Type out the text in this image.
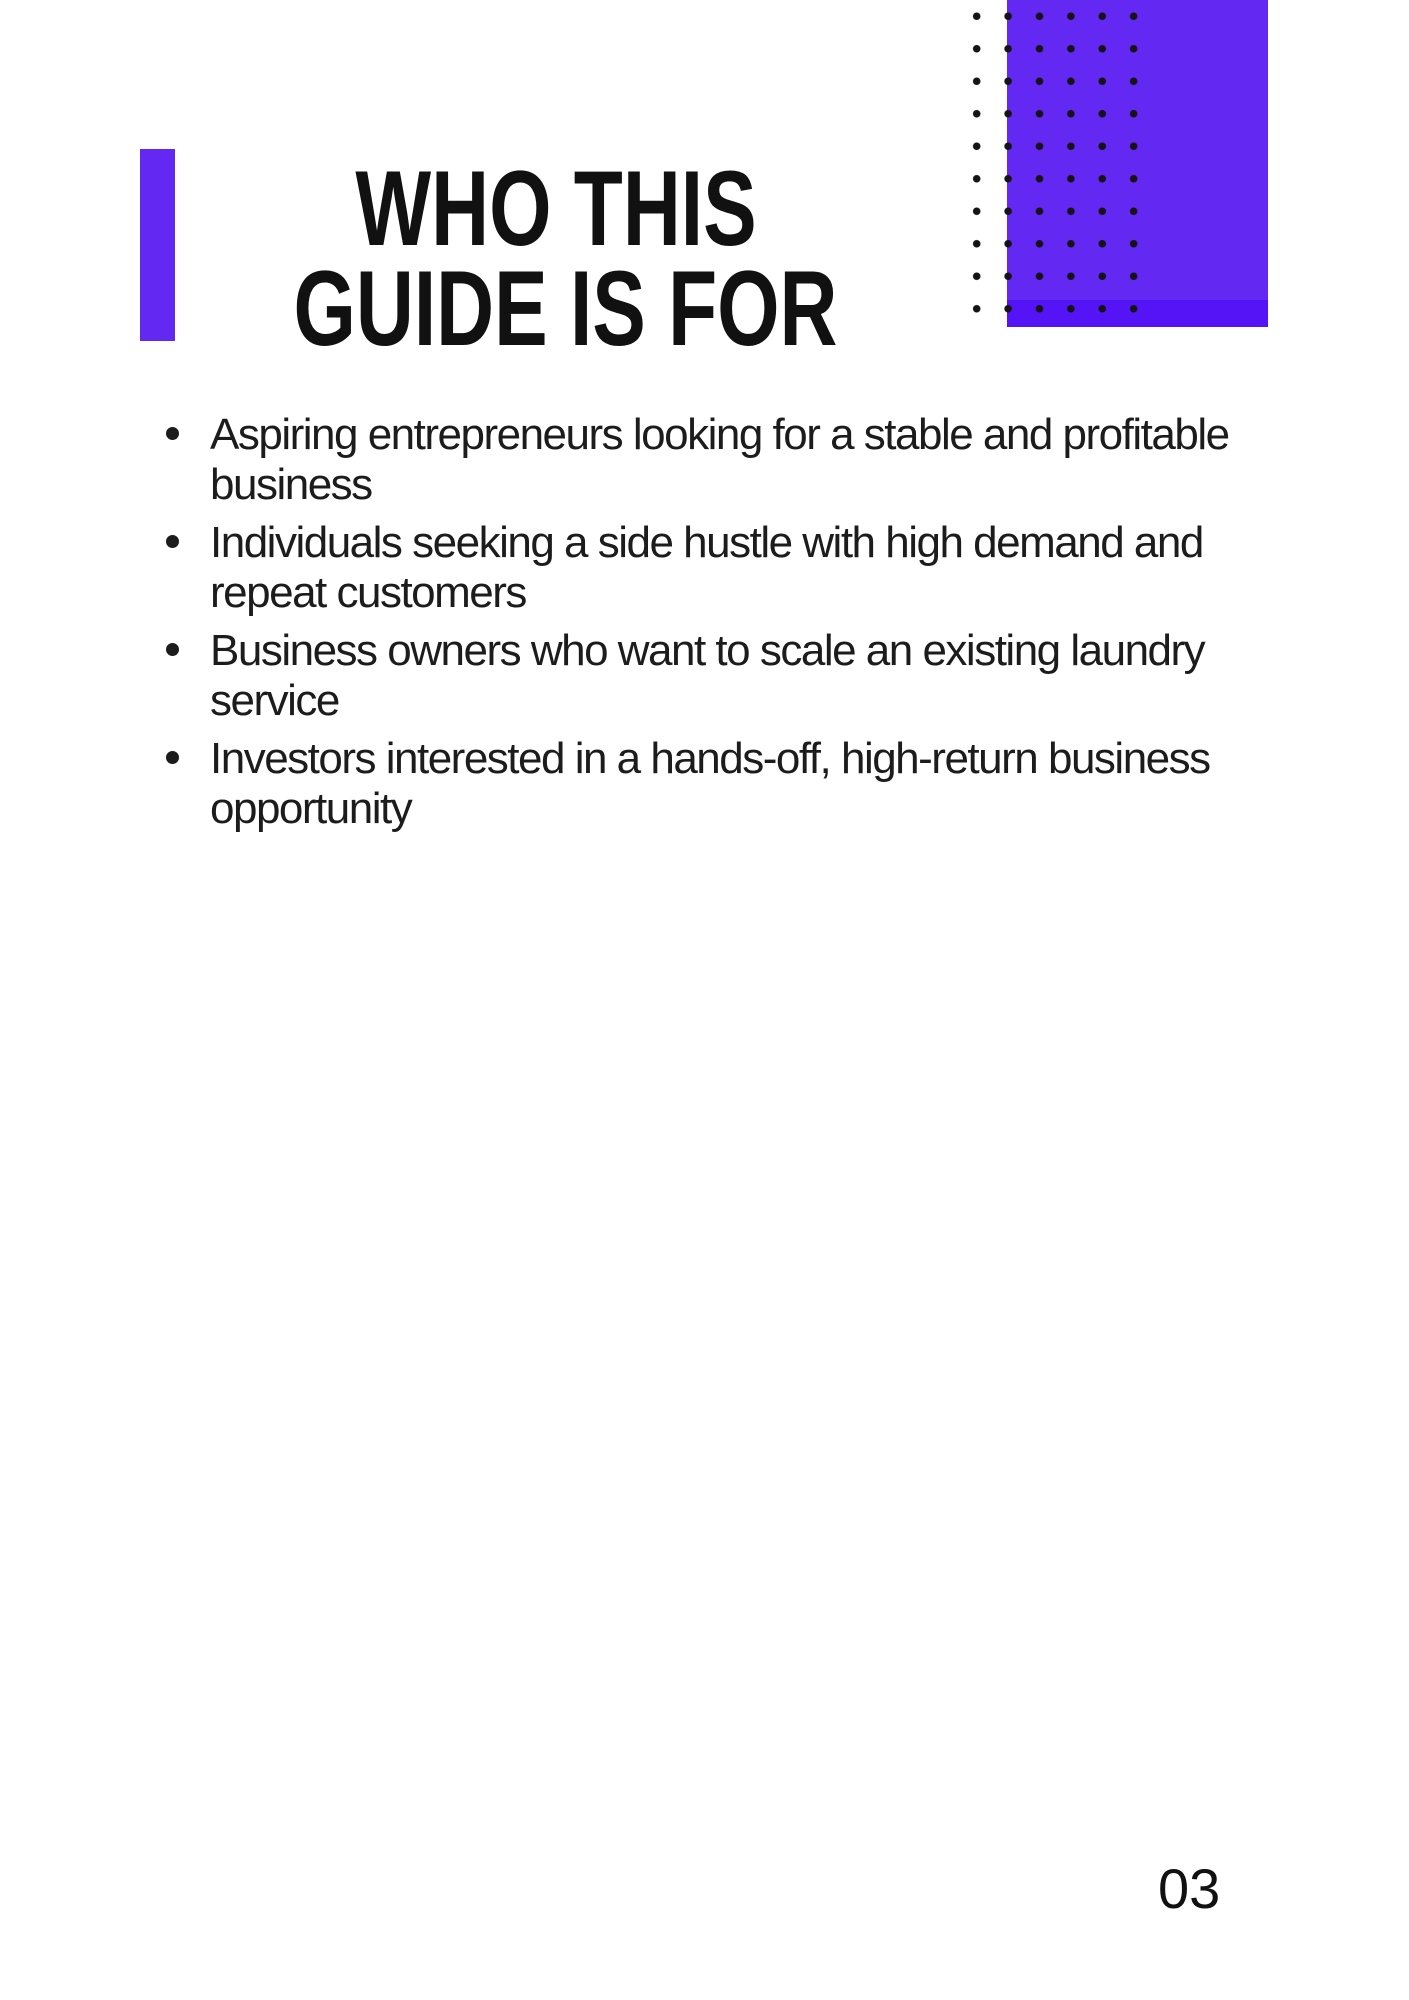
WHO THIS
GUIDE IS FOR
Aspiring entrepreneurs looking for a stable and profitable
business
Individuals seeking a side hustle with high demand and
repeat customers
Business owners who want to scale an existing laundry
service
Investors interested in a hands-off, high-return business
opportunity
03
